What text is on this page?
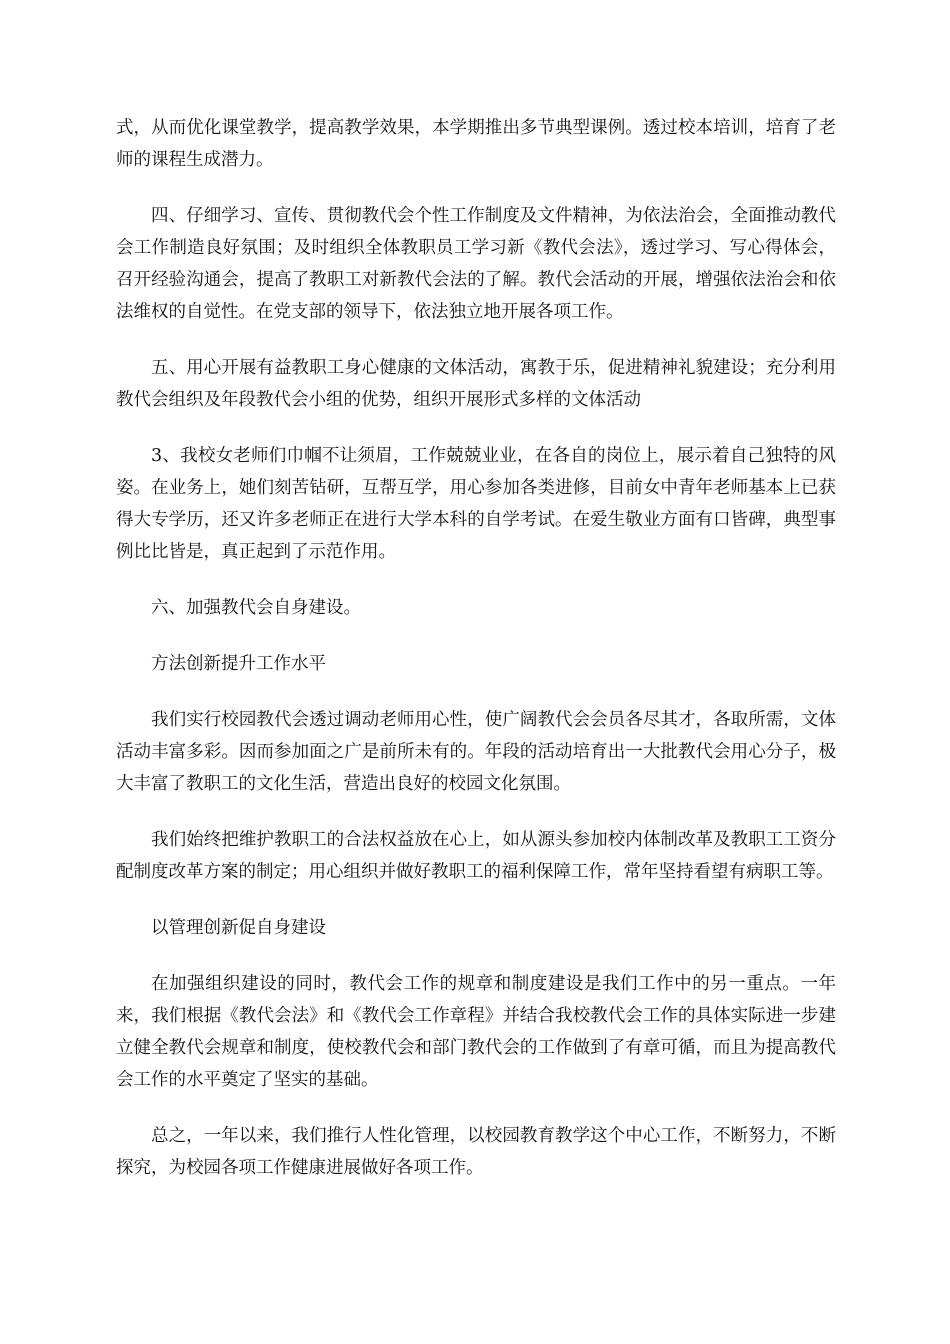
式，从而优化课堂教学，提高教学效果，本学期推出多节典型课例。透过校本培训，培育了老师的课程生成潜力。

四、仔细学习、宣传、贯彻教代会个性工作制度及文件精神，为依法治会，全面推动教代会工作制造良好氛围；及时组织全体教职员工学习新《教代会法》，透过学习、写心得体会，召开经验沟通会，提高了教职工对新教代会法的了解。教代会活动的开展，增强依法治会和依法维权的自觉性。在党支部的领导下，依法独立地开展各项工作。

五、用心开展有益教职工身心健康的文体活动，寓教于乐，促进精神礼貌建设；充分利用教代会组织及年段教代会小组的优势，组织开展形式多样的文体活动

3、我校女老师们巾帼不让须眉，工作兢兢业业，在各自的岗位上，展示着自己独特的风姿。在业务上，她们刻苦钻研，互帮互学，用心参加各类进修，目前女中青年老师基本上已获得大专学历，还又许多老师正在进行大学本科的自学考试。在爱生敬业方面有口皆碑，典型事例比比皆是，真正起到了示范作用。

六、加强教代会自身建设。

方法创新提升工作水平

我们实行校园教代会透过调动老师用心性，使广阔教代会会员各尽其才，各取所需，文体活动丰富多彩。因而参加面之广是前所未有的。年段的活动培育出一大批教代会用心分子，极大丰富了教职工的文化生活，营造出良好的校园文化氛围。

我们始终把维护教职工的合法权益放在心上，如从源头参加校内体制改革及教职工工资分配制度改革方案的制定；用心组织并做好教职工的福利保障工作，常年坚持看望有病职工等。

以管理创新促自身建设

在加强组织建设的同时，教代会工作的规章和制度建设是我们工作中的另一重点。一年来，我们根据《教代会法》和《教代会工作章程》并结合我校教代会工作的具体实际进一步建立健全教代会规章和制度，使校教代会和部门教代会的工作做到了有章可循，而且为提高教代会工作的水平奠定了坚实的基础。

总之，一年以来，我们推行人性化管理，以校园教育教学这个中心工作，不断努力，不断探究，为校园各项工作健康进展做好各项工作。
